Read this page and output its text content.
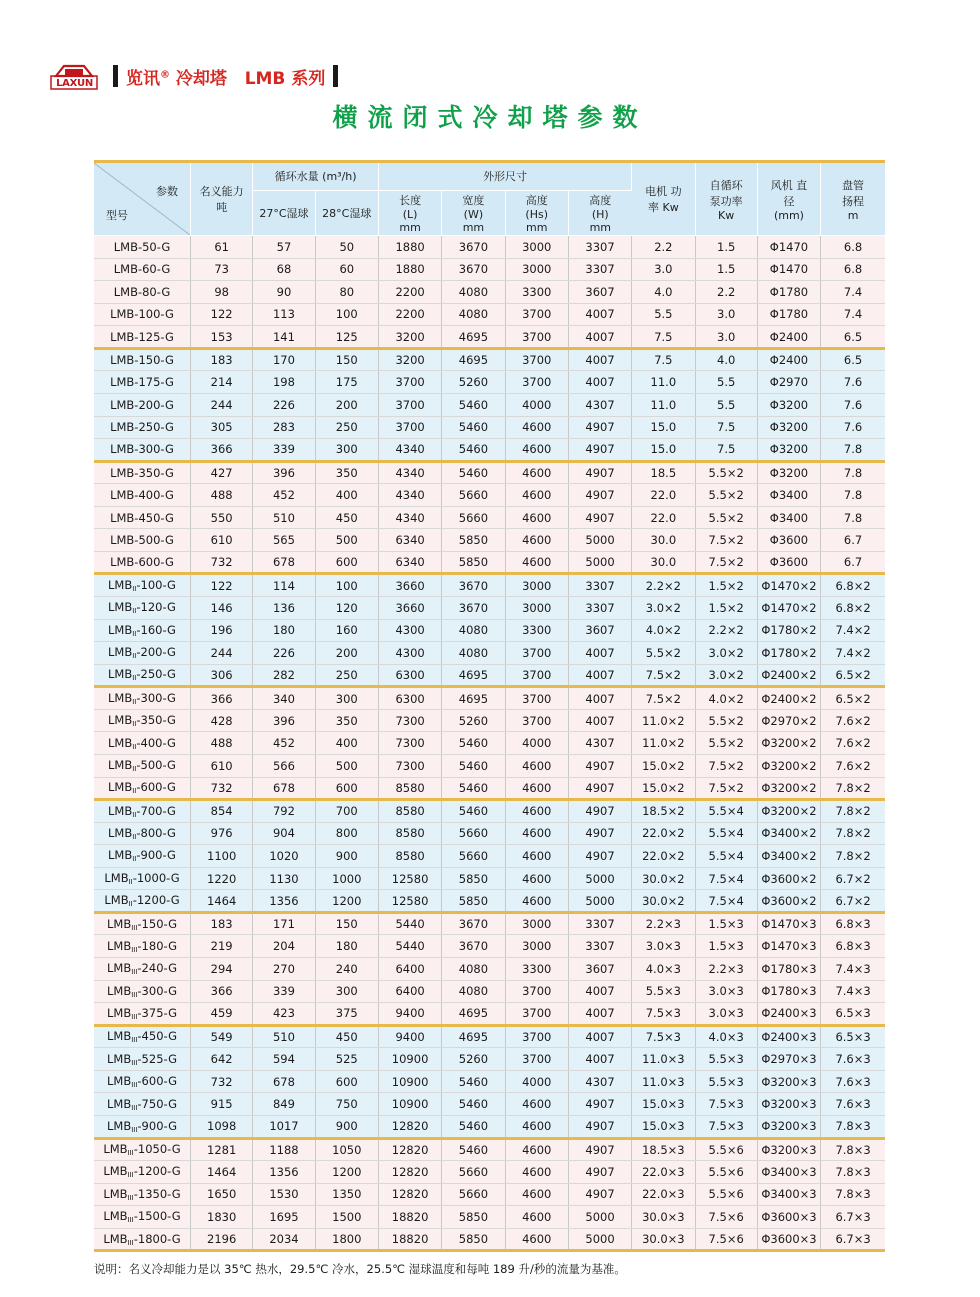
LAXUN	览讯® 冷却塔 LMB 系列
横流闭式冷却塔参数
参数
型号	名义能力吨	循环水量 (m³/h)		外形尺寸				电机 功率 Kw	自循环 泵功率 Kw	风机 直径 (mm)	盘管 扬程 m
		27°C湿球	28°C湿球	长度 (L) mm	宽度 (W) mm	高度 (Hs) mm	高度 (H) mm				
LMB-50-G	61	57	50	1880	3670	3000	3307	2.2	1.5	Φ1470	6.8
LMB-60-G	73	68	60	1880	3670	3000	3307	3.0	1.5	Φ1470	6.8
LMB-80-G	98	90	80	2200	4080	3300	3607	4.0	2.2	Φ1780	7.4
LMB-100-G	122	113	100	2200	4080	3700	4007	5.5	3.0	Φ1780	7.4
LMB-125-G	153	141	125	3200	4695	3700	4007	7.5	3.0	Φ2400	6.5
LMB-150-G	183	170	150	3200	4695	3700	4007	7.5	4.0	Φ2400	6.5
LMB-175-G	214	198	175	3700	5260	3700	4007	11.0	5.5	Φ2970	7.6
LMB-200-G	244	226	200	3700	5460	4000	4307	11.0	5.5	Φ3200	7.6
LMB-250-G	305	283	250	3700	5460	4600	4907	15.0	7.5	Φ3200	7.6
LMB-300-G	366	339	300	4340	5460	4600	4907	15.0	7.5	Φ3200	7.8
LMB-350-G	427	396	350	4340	5460	4600	4907	18.5	5.5×2	Φ3200	7.8
LMB-400-G	488	452	400	4340	5660	4600	4907	22.0	5.5×2	Φ3400	7.8
LMB-450-G	550	510	450	4340	5660	4600	4907	22.0	5.5×2	Φ3400	7.8
LMB-500-G	610	565	500	6340	5850	4600	5000	30.0	7.5×2	Φ3600	6.7
LMB-600-G	732	678	600	6340	5850	4600	5000	30.0	7.5×2	Φ3600	6.7
$LMB_{II}-100-G$	122	114	100	3660	3670	3000	3307	2.2×2	1.5×2	Φ1470×2	6.8×2
$LMB_{II}-120-G$	146	136	120	3660	3670	3000	3307	3.0×2	1.5×2	Φ1470×2	6.8×2
$LMB_{II}-160-G$	196	180	160	4300	4080	3300	3607	4.0×2	2.2×2	Φ1780×2	7.4×2
$LMB_{II}-200-G$	244	226	200	4300	4080	3700	4007	5.5×2	3.0×2	Φ1780×2	7.4×2
$LMB_{II}-250-G$	306	282	250	6300	4695	3700	4007	7.5×2	3.0×2	Φ2400×2	6.5×2
$LMB_{II}-300-G$	366	340	300	6300	4695	3700	4007	7.5×2	4.0×2	Φ2400×2	6.5×2
$LMB_{II}-350-G$	428	396	350	7300	5260	3700	4007	11.0×2	5.5×2	Φ2970×2	7.6×2
$LMB_{II}-400-G$	488	452	400	7300	5460	4000	4307	11.0×2	5.5×2	Φ3200×2	7.6×2
$LMB_{II}-500-G$	610	566	500	7300	5460	4600	4907	15.0×2	7.5×2	Φ3200×2	7.6×2
$LMB_{II}-600-G$	732	678	600	8580	5460	4600	4907	15.0×2	7.5×2	Φ3200×2	7.8×2
$LMB_{II}-700-G$	854	792	700	8580	5460	4600	4907	18.5×2	5.5×4	Φ3200×2	7.8×2
$LMB_{II}-800-G$	976	904	800	8580	5660	4600	4907	22.0×2	5.5×4	Φ3400×2	7.8×2
$LMB_{II}-900-G$	1100	1020	900	8580	5660	4600	4907	22.0×2	5.5×4	Φ3400×2	7.8×2
$LMB_{II}-1000-G$	1220	1130	1000	12580	5850	4600	5000	30.0×2	7.5×4	Φ3600×2	6.7×2
$LMB_{II}-1200-G$	1464	1356	1200	12580	5850	4600	5000	30.0×2	7.5×4	Φ3600×2	6.7×2
$LMB_{III}-150-G$	183	171	150	5440	3670	3000	3307	2.2×3	1.5×3	Φ1470×3	6.8×3
$LMB_{III}-180-G$	219	204	180	5440	3670	3000	3307	3.0×3	1.5×3	Φ1470×3	6.8×3
$LMB_{III}-240-G$	294	270	240	6400	4080	3300	3607	4.0×3	2.2×3	Φ1780×3	7.4×3
$LMB_{III}-300-G$	366	339	300	6400	4080	3700	4007	5.5×3	3.0×3	Φ1780×3	7.4×3
$LMB_{III}-375-G$	459	423	375	9400	4695	3700	4007	7.5×3	3.0×3	Φ2400×3	6.5×3
$LMB_{III}-450-G$	549	510	450	9400	4695	3700	4007	7.5×3	4.0×3	Φ2400×3	6.5×3
$LMB_{III}-525-G$	642	594	525	10900	5260	3700	4007	11.0×3	5.5×3	Φ2970×3	7.6×3
$LMB_{III}-600-G$	732	678	600	10900	5460	4000	4307	11.0×3	5.5×3	Φ3200×3	7.6×3
$LMB_{III}-750-G$	915	849	750	10900	5460	4600	4907	15.0×3	7.5×3	Φ3200×3	7.6×3
$LMB_{III}-900-G$	1098	1017	900	12820	5460	4600	4907	15.0×3	7.5×3	Φ3200×3	7.8×3
$LMB_{III}-1050-G$	1281	1188	1050	12820	5460	4600	4907	18.5×3	5.5×6	Φ3200×3	7.8×3
$LMB_{III}-1200-G$	1464	1356	1200	12820	5660	4600	4907	22.0×3	5.5×6	Φ3400×3	7.8×3
$LMB_{III}-1350-G$	1650	1530	1350	12820	5660	4600	4907	22.0×3	5.5×6	Φ3400×3	7.8×3
$LMB_{III}-1500-G$	1830	1695	1500	18820	5850	4600	5000	30.0×3	7.5×6	Φ3600×3	6.7×3
$LMB_{III}-1800-G$	2196	2034	1800	18820	5850	4600	5000	30.0×3	7.5×6	Φ3600×3	6.7×3
说明：名义冷却能力是以 35℃ 热水，29.5℃ 冷水，25.5℃ 湿球温度和每吨 189 升/秒的流量为基准。
